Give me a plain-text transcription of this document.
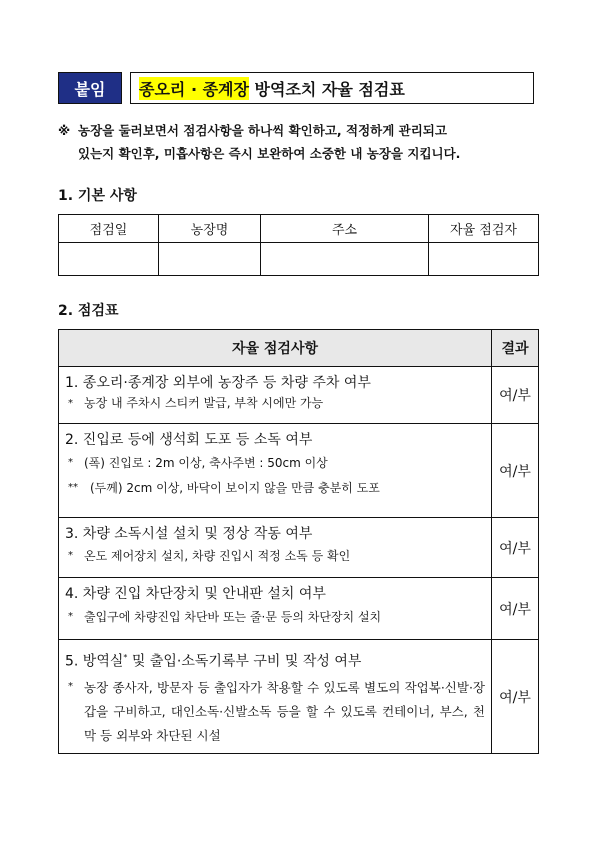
붙임	종오리 · 종계장 방역조치 자율 점검표
※ 농장을 둘러보면서 점검사항을 하나씩 확인하고, 적정하게 관리되고
있는지 확인후, 미흡사항은 즉시 보완하여 소중한 내 농장을 지킵니다.
1. 기본 사항
점검일	농장명	주소	자율 점검자

2. 점검표
자율 점검사항	결과

1. 종오리·종계장 외부에 농장주 등 차량 주차 여부
* 농장 내 주차시 스티커 발급, 부착 시에만 가능	여/부

2. 진입로 등에 생석회 도포 등 소독 여부
* (폭) 진입로 : 2m 이상, 축사주변 : 50cm 이상
** (두께) 2cm 이상, 바닥이 보이지 않을 만큼 충분히 도포	여/부

3. 차량 소독시설 설치 및 정상 작동 여부
* 온도 제어장치 설치, 차량 진입시 적정 소독 등 확인	여/부

4. 차량 진입 차단장치 및 안내판 설치 여부
* 출입구에 차량진입 차단바 또는 줄·문 등의 차단장치 설치	여/부

5. 방역실* 및 출입·소독기록부 구비 및 작성 여부
* 농장 종사자, 방문자 등 출입자가 착용할 수 있도록 별도의 작업복·신발·장갑을 구비하고, 대인소독·신발소독 등을 할 수 있도록 컨테이너, 부스, 천막 등 외부와 차단된 시설	여/부
